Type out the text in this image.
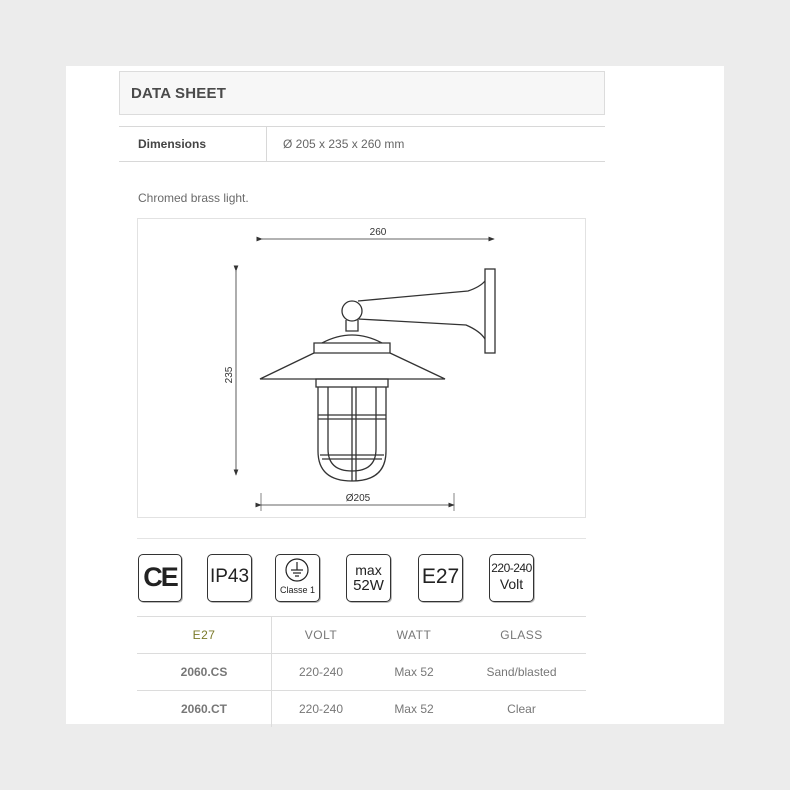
DATA SHEET
Dimensions	Ø 205 x 235 x 260 mm
Chromed brass light.
260
235
Ø205
CE IP43
Classe 1
max
52W E27	220-240
Volt
E27	VOLT	WATT	GLASS
2060.CS	220-240	Max 52	Sand/blasted
2060.CT	220-240	Max 52	Clear
